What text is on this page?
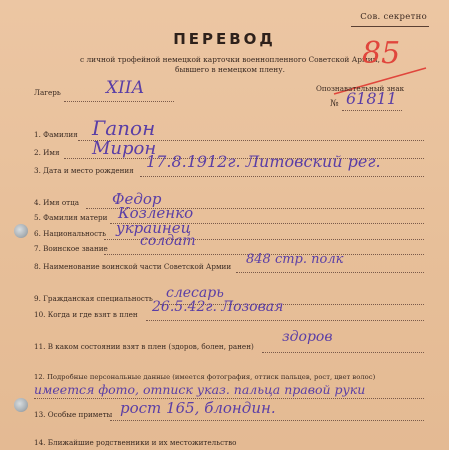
Сов. секретно
ПЕРЕВОД
с личной трофейной немецкой карточки военнопленного Советской Армии,
бывшего в немецком плену.	85
Лагерь	XIIА	Опознавательный знак
№ 61811
1. Фамилия Гапон
2. Имя Мирон
3. Дата и место рождения 17.8.1912г. Литовский рег.
4. Имя отца Федор
5. Фамилия матери Козленко
6. Национальность украинец
7. Воинское звание солдат
8. Наименование воинской части Советской Армии 848 стр. полк
9. Гражданская специальность слесарь
10. Когда и где взят в плен 26.5.42г. Лозовая
11. В каком состоянии взят в плен (здоров, болен, ранен)
здоров
12. Подробные персональные данные (имеется фотография, оттиск пальцев, рост, цвет волос)
имеется фото, отписк указ. пальца правой руки
13. Особые приметы рост 165, блондин.
14. Ближайшие родственники и их местожительство
